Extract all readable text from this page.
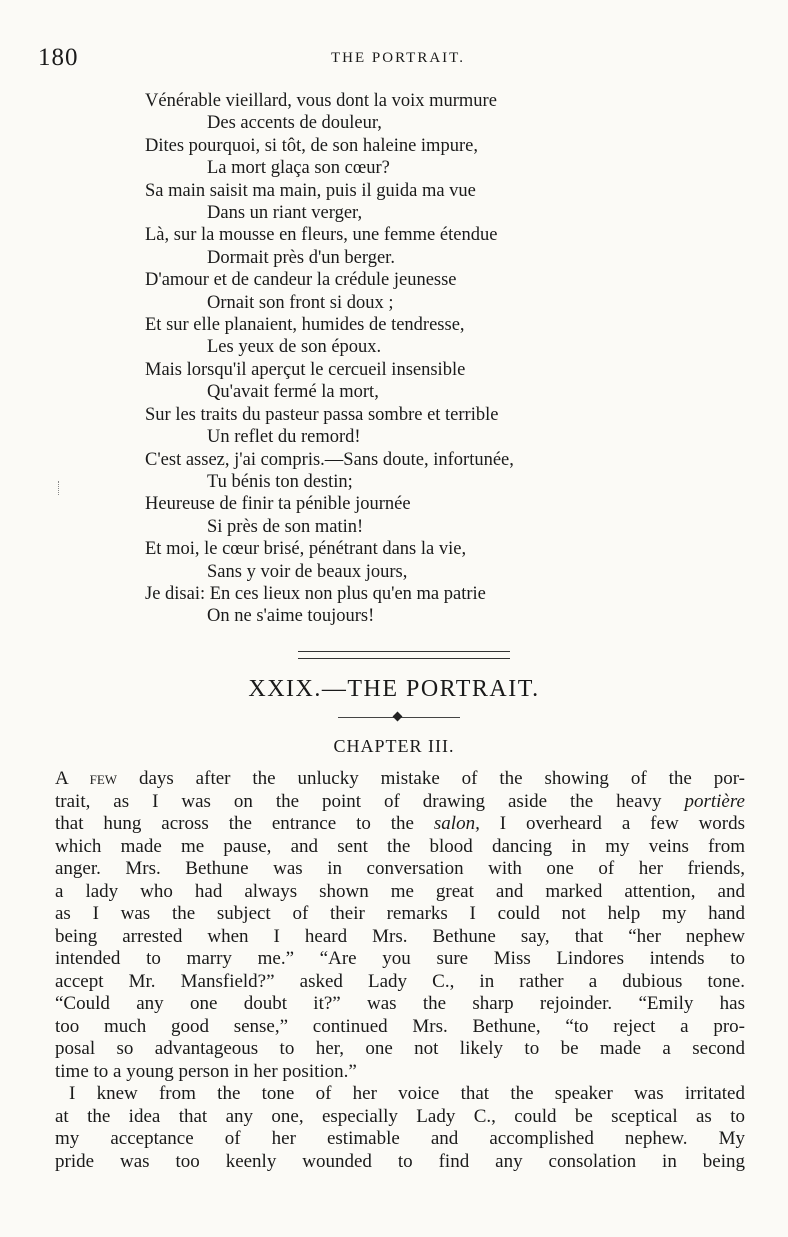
180	THE PORTRAIT.
Vénérable vieillard, vous dont la voix murmure
Des accents de douleur,
Dites pourquoi, si tôt, de son haleine impure,
La mort glaça son cœur?
Sa main saisit ma main, puis il guida ma vue
Dans un riant verger,
Là, sur la mousse en fleurs, une femme étendue
Dormait près d'un berger.
D'amour et de candeur la crédule jeunesse
Ornait son front si doux ;
Et sur elle planaient, humides de tendresse,
Les yeux de son époux.
Mais lorsqu'il aperçut le cercueil insensible
Qu'avait fermé la mort,
Sur les traits du pasteur passa sombre et terrible
Un reflet du remord!
C'est assez, j'ai compris.—Sans doute, infortunée,
Tu bénis ton destin;
Heureuse de finir ta pénible journée
Si près de son matin!
Et moi, le cœur brisé, pénétrant dans la vie,
Sans y voir de beaux jours,
Je disai: En ces lieux non plus qu'en ma patrie
On ne s'aime toujours!
XXIX.—THE PORTRAIT.
CHAPTER III.
A few days after the unlucky mistake of the showing of the por-
trait, as I was on the point of drawing aside the heavy portière
that hung across the entrance to the salon, I overheard a few words
which made me pause, and sent the blood dancing in my veins from
anger. Mrs. Bethune was in conversation with one of her friends,
a lady who had always shown me great and marked attention, and
as I was the subject of their remarks I could not help my hand
being arrested when I heard Mrs. Bethune say, that “her nephew
intended to marry me.” “Are you sure Miss Lindores intends to
accept Mr. Mansfield?” asked Lady C., in rather a dubious tone.
“Could any one doubt it?” was the sharp rejoinder. “Emily has
too much good sense,” continued Mrs. Bethune, “to reject a pro-
posal so advantageous to her, one not likely to be made a second
time to a young person in her position.”
I knew from the tone of her voice that the speaker was irritated
at the idea that any one, especially Lady C., could be sceptical as to
my acceptance of her estimable and accomplished nephew. My
pride was too keenly wounded to find any consolation in being
